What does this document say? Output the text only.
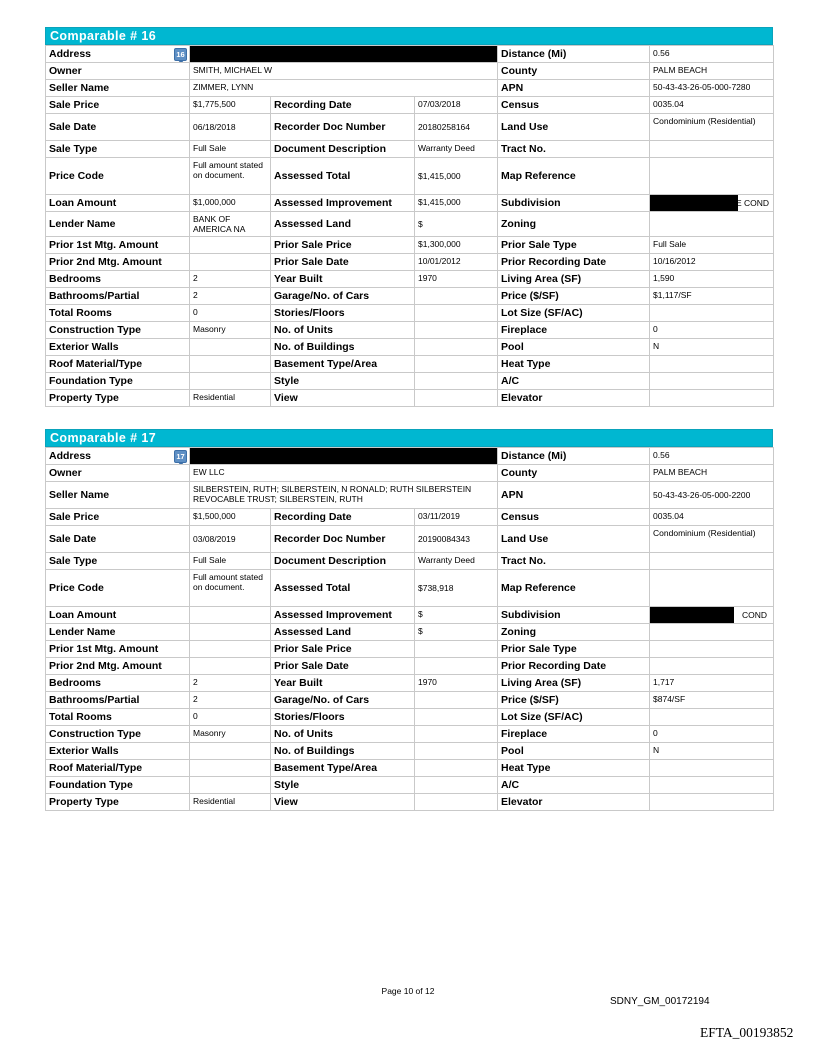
Comparable # 16
Address 16				Distance (Mi)	0.56
Owner	SMITH, MICHAEL W			County	PALM BEACH
Seller Name	ZIMMER, LYNN			APN	50-43-43-26-05-000-7280
Sale Price	$1,775,500	Recording Date	07/03/2018	Census	0035.04
Sale Date	06/18/2018	Recorder Doc Number	20180258164	Land Use	Condominium (Residential)
Sale Type	Full Sale	Document Description	Warranty Deed	Tract No.	
Price Code	Full amount stated on document.	Assessed Total	$1,415,000	Map Reference	
Loan Amount	$1,000,000	Assessed Improvement	$1,415,000	Subdivision	E COND

Lender Name	BANK OF AMERICA NA	Assessed Land	$	Zoning	
Prior 1st Mtg. Amount		Prior Sale Price	$1,300,000	Prior Sale Type	Full Sale
Prior 2nd Mtg. Amount		Prior Sale Date	10/01/2012	Prior Recording Date	10/16/2012
Bedrooms	2	Year Built	1970	Living Area (SF)	1,590
Bathrooms/Partial	2	Garage/No. of Cars		Price ($/SF)	$1,117/SF
Total Rooms	0	Stories/Floors		Lot Size (SF/AC)	
Construction Type	Masonry	No. of Units		Fireplace	0
Exterior Walls		No. of Buildings		Pool	N
Roof Material/Type		Basement Type/Area		Heat Type	
Foundation Type		Style		A/C	
Property Type	Residential	View		Elevator	
Comparable # 17
Address 17				Distance (Mi)	0.56
Owner	EW LLC			County	PALM BEACH
Seller Name	SILBERSTEIN, RUTH; SILBERSTEIN, N RONALD; RUTH SILBERSTEIN REVOCABLE TRUST; SILBERSTEIN, RUTH			APN	50-43-43-26-05-000-2200
Sale Price	$1,500,000	Recording Date	03/11/2019	Census	0035.04
Sale Date	03/08/2019	Recorder Doc Number	20190084343	Land Use	Condominium (Residential)
Sale Type	Full Sale	Document Description	Warranty Deed	Tract No.	
Price Code	Full amount stated on document.	Assessed Total	$738,918	Map Reference	
Loan Amount		Assessed Improvement	$	Subdivision	COND

Lender Name		Assessed Land	$	Zoning	
Prior 1st Mtg. Amount		Prior Sale Price		Prior Sale Type	
Prior 2nd Mtg. Amount		Prior Sale Date		Prior Recording Date	
Bedrooms	2	Year Built	1970	Living Area (SF)	1,717
Bathrooms/Partial	2	Garage/No. of Cars		Price ($/SF)	$874/SF
Total Rooms	0	Stories/Floors		Lot Size (SF/AC)	
Construction Type	Masonry	No. of Units		Fireplace	0
Exterior Walls		No. of Buildings		Pool	N
Roof Material/Type		Basement Type/Area		Heat Type	
Foundation Type		Style		A/C	
Property Type	Residential	View		Elevator	
Page 10 of 12
SDNY_GM_00172194
EFTA_00193852
